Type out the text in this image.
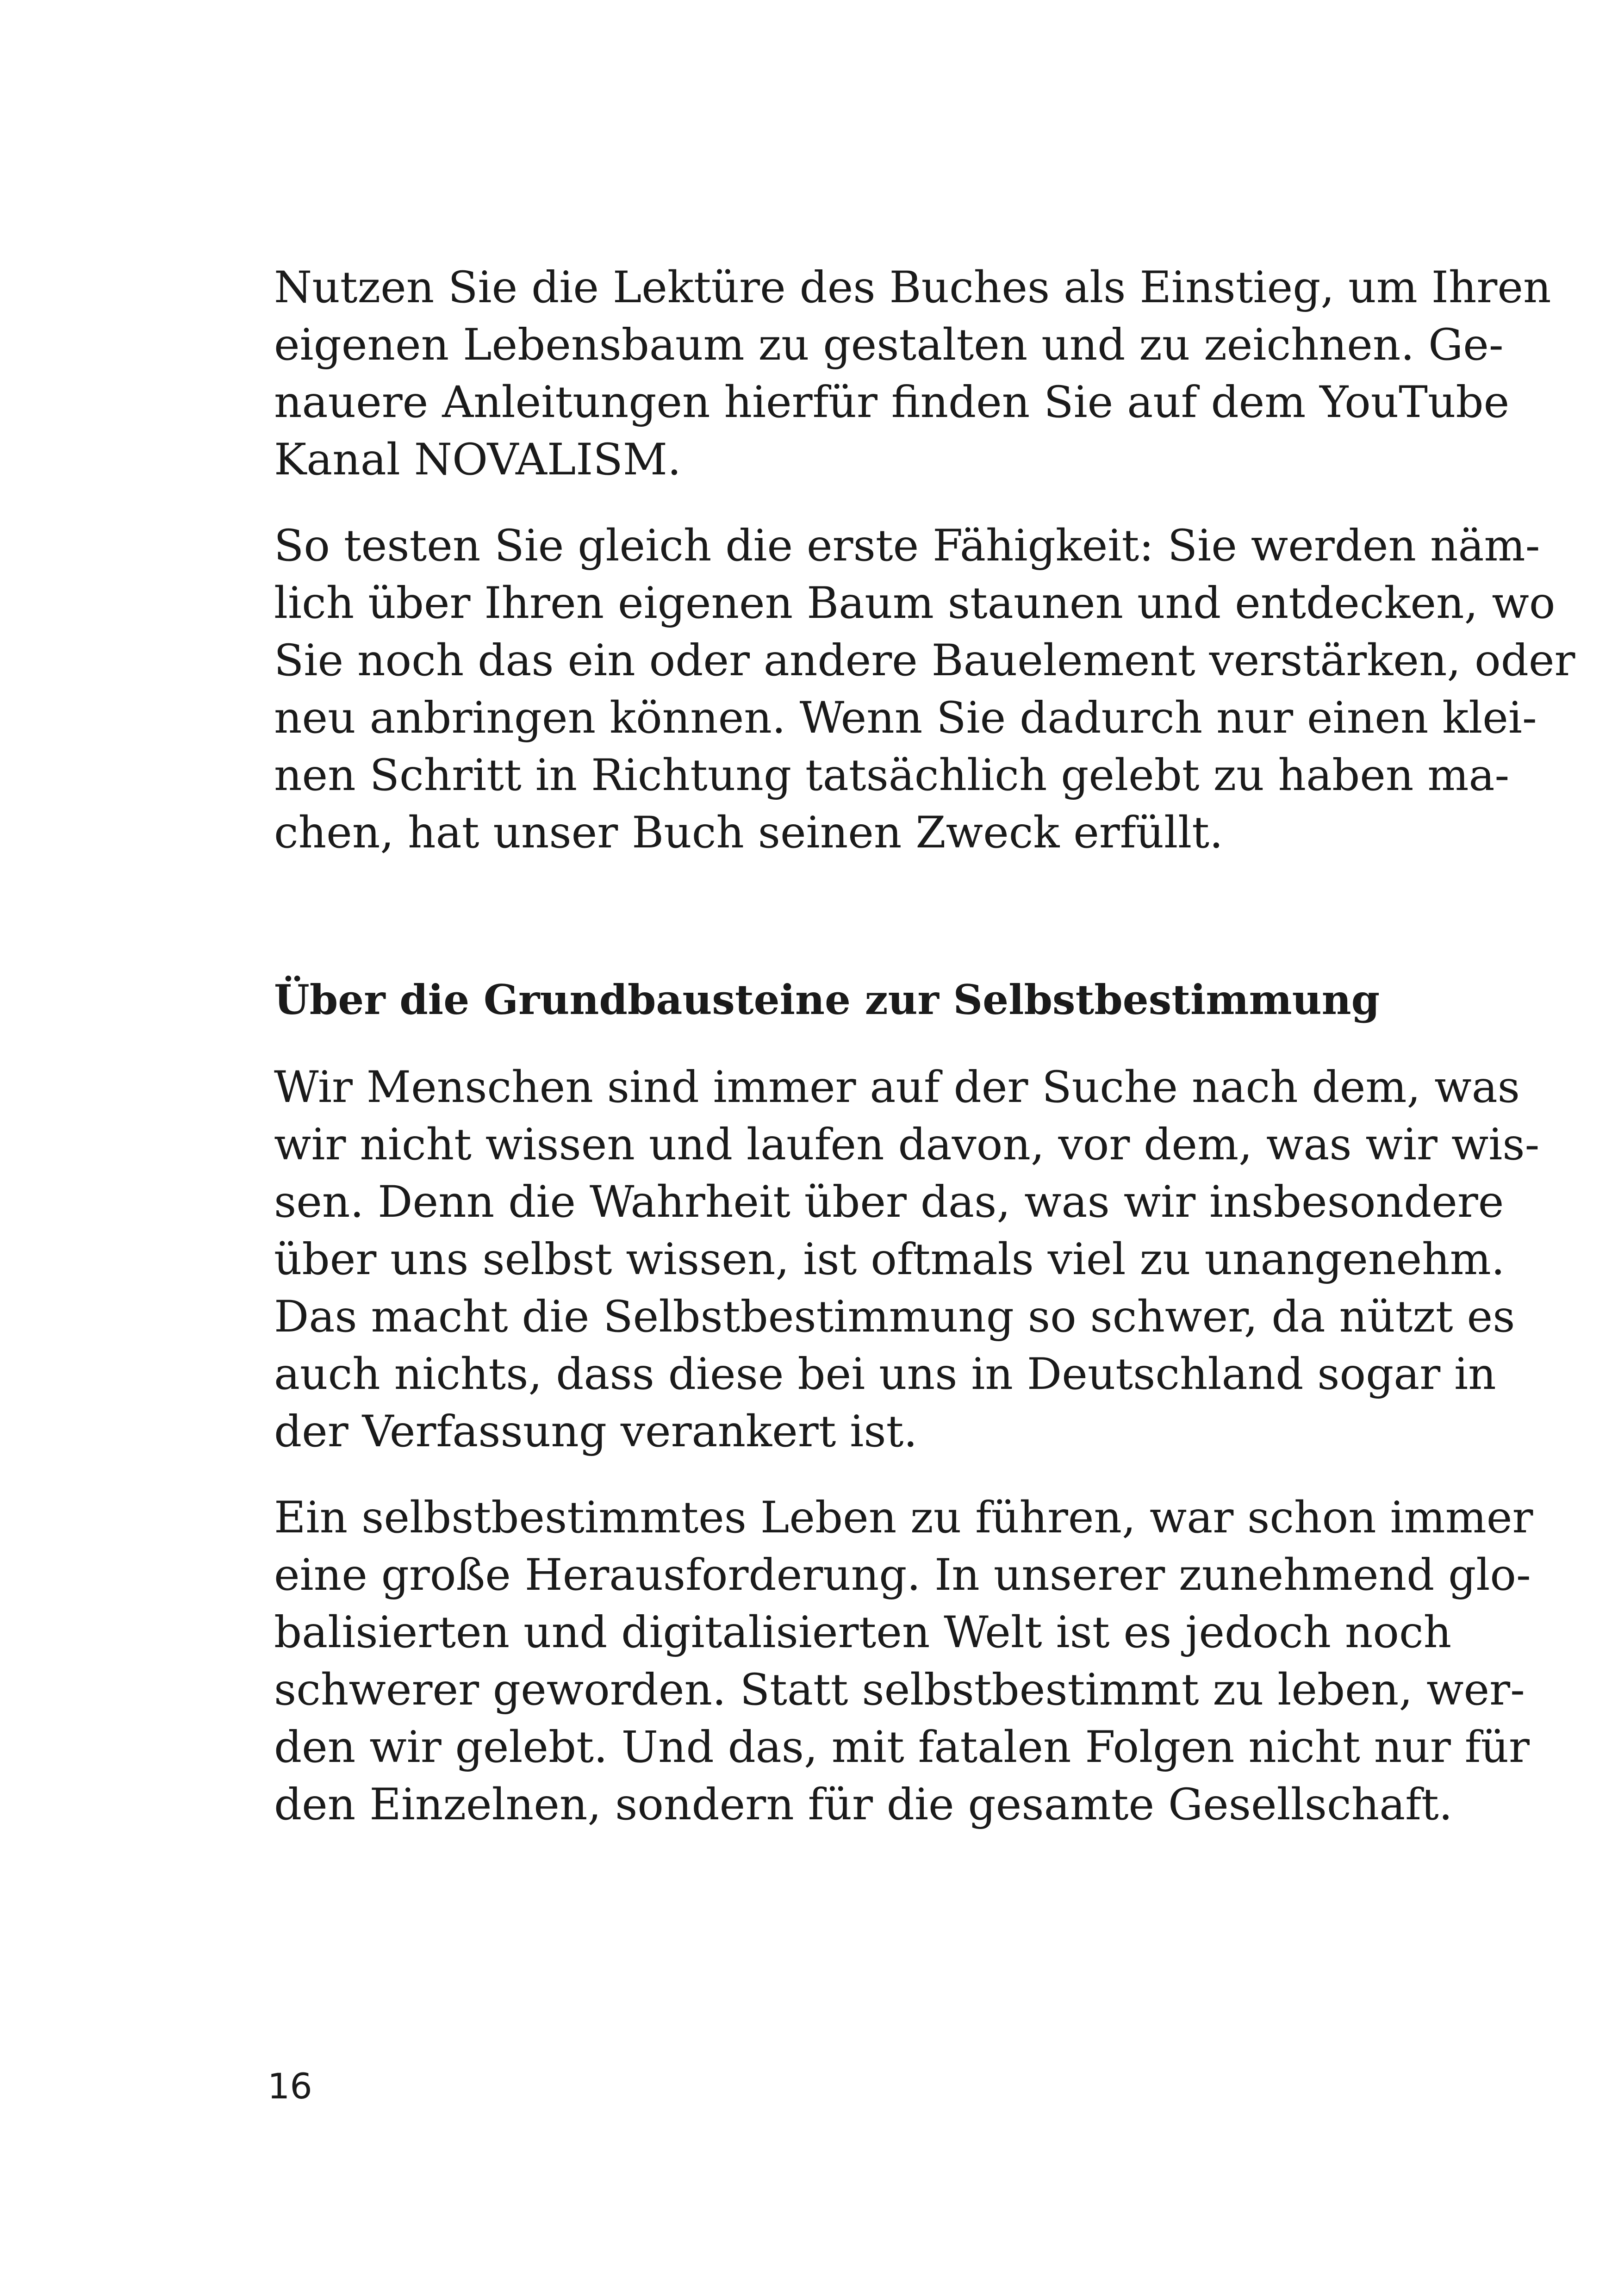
Nutzen Sie die Lektüre des Buches als Einstieg, um Ihren
eigenen Lebensbaum zu gestalten und zu zeichnen. Ge-
nauere Anleitungen hierfür finden Sie auf dem YouTube
Kanal NOVALISM.
So testen Sie gleich die erste Fähigkeit: Sie werden näm-
lich über Ihren eigenen Baum staunen und entdecken, wo
Sie noch das ein oder andere Bauelement verstärken, oder
neu anbringen können. Wenn Sie dadurch nur einen klei-
nen Schritt in Richtung tatsächlich gelebt zu haben ma-
chen, hat unser Buch seinen Zweck erfüllt.
Über die Grundbausteine zur Selbstbestimmung
Wir Menschen sind immer auf der Suche nach dem, was
wir nicht wissen und laufen davon, vor dem, was wir wis-
sen. Denn die Wahrheit über das, was wir insbesondere
über uns selbst wissen, ist oftmals viel zu unangenehm.
Das macht die Selbstbestimmung so schwer, da nützt es
auch nichts, dass diese bei uns in Deutschland sogar in
der Verfassung verankert ist.
Ein selbstbestimmtes Leben zu führen, war schon immer
eine große Herausforderung. In unserer zunehmend glo-
balisierten und digitalisierten Welt ist es jedoch noch
schwerer geworden. Statt selbstbestimmt zu leben, wer-
den wir gelebt. Und das, mit fatalen Folgen nicht nur für
den Einzelnen, sondern für die gesamte Gesellschaft.
16
